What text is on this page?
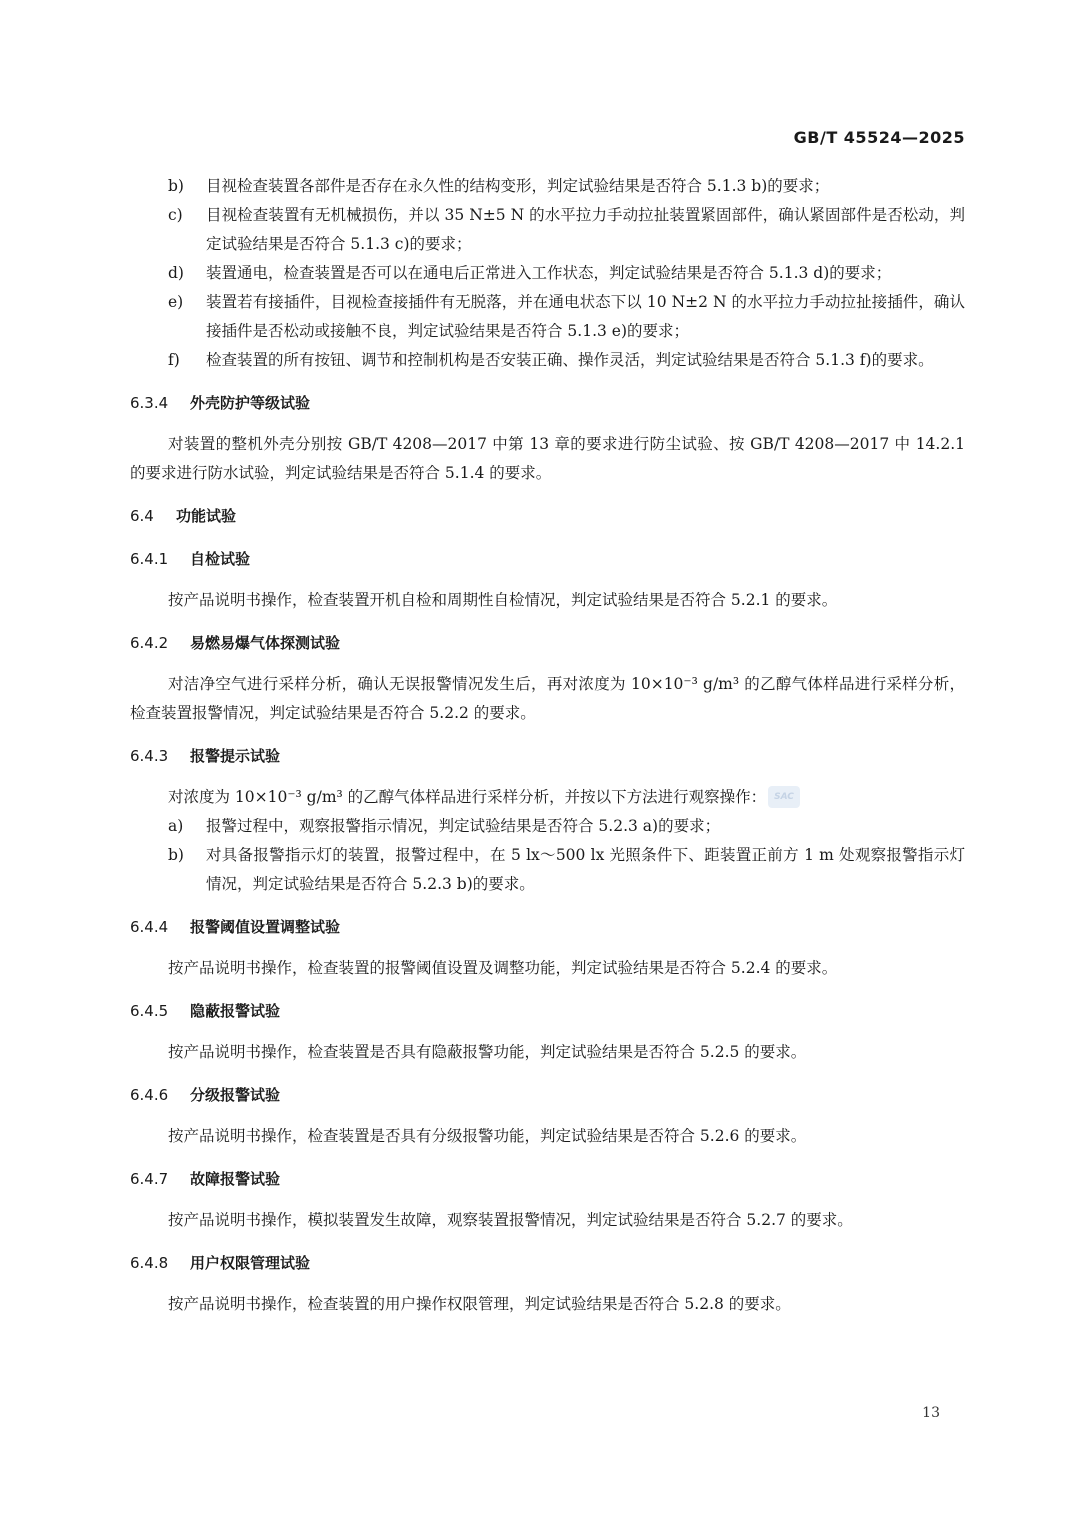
GB/T 45524—2025
b) 目视检查装置各部件是否存在永久性的结构变形，判定试验结果是否符合 5.1.3 b)的要求；
c) 目视检查装置有无机械损伤，并以 35 N±5 N 的水平拉力手动拉扯装置紧固部件，确认紧固部件是否松动，判定试验结果是否符合 5.1.3 c)的要求；
d) 装置通电，检查装置是否可以在通电后正常进入工作状态，判定试验结果是否符合 5.1.3 d)的要求；
e) 装置若有接插件，目视检查接插件有无脱落，并在通电状态下以 10 N±2 N 的水平拉力手动拉扯接插件，确认接插件是否松动或接触不良，判定试验结果是否符合 5.1.3 e)的要求；
f) 检查装置的所有按钮、调节和控制机构是否安装正确、操作灵活，判定试验结果是否符合 5.1.3 f)的要求。
6.3.4 外壳防护等级试验
对装置的整机外壳分别按 GB/T 4208—2017 中第 13 章的要求进行防尘试验、按 GB/T 4208—2017 中 14.2.1 的要求进行防水试验，判定试验结果是否符合 5.1.4 的要求。
6.4 功能试验
6.4.1 自检试验
按产品说明书操作，检查装置开机自检和周期性自检情况，判定试验结果是否符合 5.2.1 的要求。
6.4.2 易燃易爆气体探测试验
对洁净空气进行采样分析，确认无误报警情况发生后，再对浓度为 10×10⁻³ g/m³ 的乙醇气体样品进行采样分析，检查装置报警情况，判定试验结果是否符合 5.2.2 的要求。
6.4.3 报警提示试验
对浓度为 10×10⁻³ g/m³ 的乙醇气体样品进行采样分析，并按以下方法进行观察操作：
a) 报警过程中，观察报警指示情况，判定试验结果是否符合 5.2.3 a)的要求；
b) 对具备报警指示灯的装置，报警过程中，在 5 lx～500 lx 光照条件下、距装置正前方 1 m 处观察报警指示灯情况，判定试验结果是否符合 5.2.3 b)的要求。
6.4.4 报警阈值设置调整试验
按产品说明书操作，检查装置的报警阈值设置及调整功能，判定试验结果是否符合 5.2.4 的要求。
6.4.5 隐蔽报警试验
按产品说明书操作，检查装置是否具有隐蔽报警功能，判定试验结果是否符合 5.2.5 的要求。
6.4.6 分级报警试验
按产品说明书操作，检查装置是否具有分级报警功能，判定试验结果是否符合 5.2.6 的要求。
6.4.7 故障报警试验
按产品说明书操作，模拟装置发生故障，观察装置报警情况，判定试验结果是否符合 5.2.7 的要求。
6.4.8 用户权限管理试验
按产品说明书操作，检查装置的用户操作权限管理，判定试验结果是否符合 5.2.8 的要求。
SAC
13
